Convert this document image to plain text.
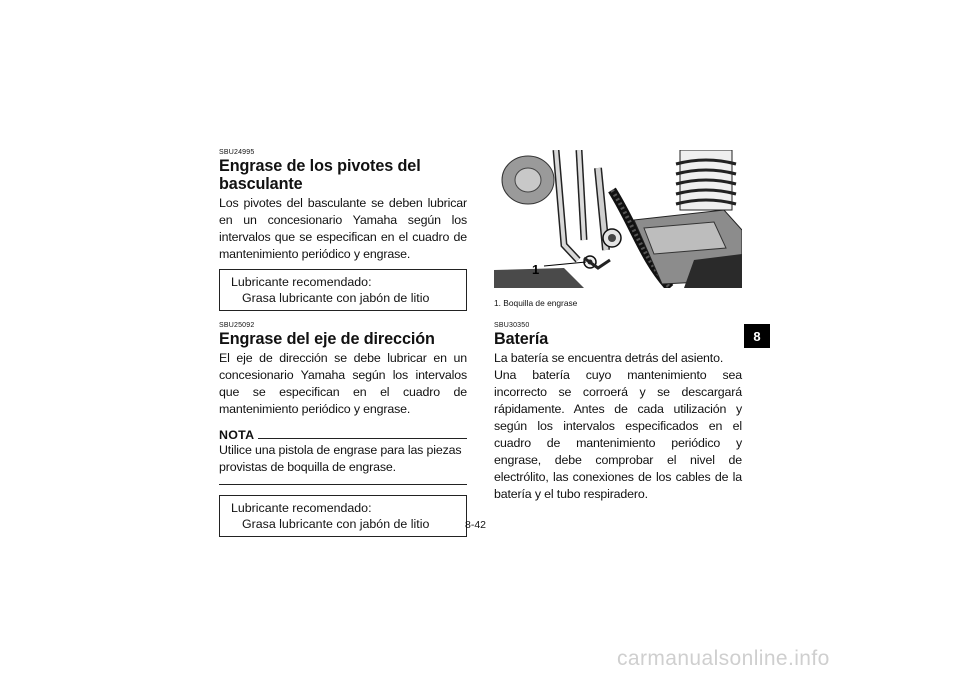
SBU24995

Engrase de los pivotes del basculante

Los pivotes del basculante se deben lubricar en un concesionario Yamaha según los intervalos que se especifican en el cuadro de mantenimiento periódico y engrase.

Lubricante recomendado:
Grasa lubricante con jabón de litio

SBU25092

Engrase del eje de dirección

El eje de dirección se debe lubricar en un concesionario Yamaha según los intervalos que se especifican en el cuadro de mantenimiento periódico y engrase.

NOTA

Utilice una pistola de engrase para las piezas provistas de boquilla de engrase.

Lubricante recomendado:
Grasa lubricante con jabón de litio
1

1. Boquilla de engrase

SBU30350

Batería

La batería se encuentra detrás del asiento.

Una batería cuyo mantenimiento sea incorrecto se corroerá y se descargará rápidamente. Antes de cada utilización y según los intervalos especificados en el cuadro de mantenimiento periódico y engrase, debe comprobar el nivel de electrólito, las conexiones de los cables de la batería y el tubo respiradero.

8
8-42
carmanualsonline.info
